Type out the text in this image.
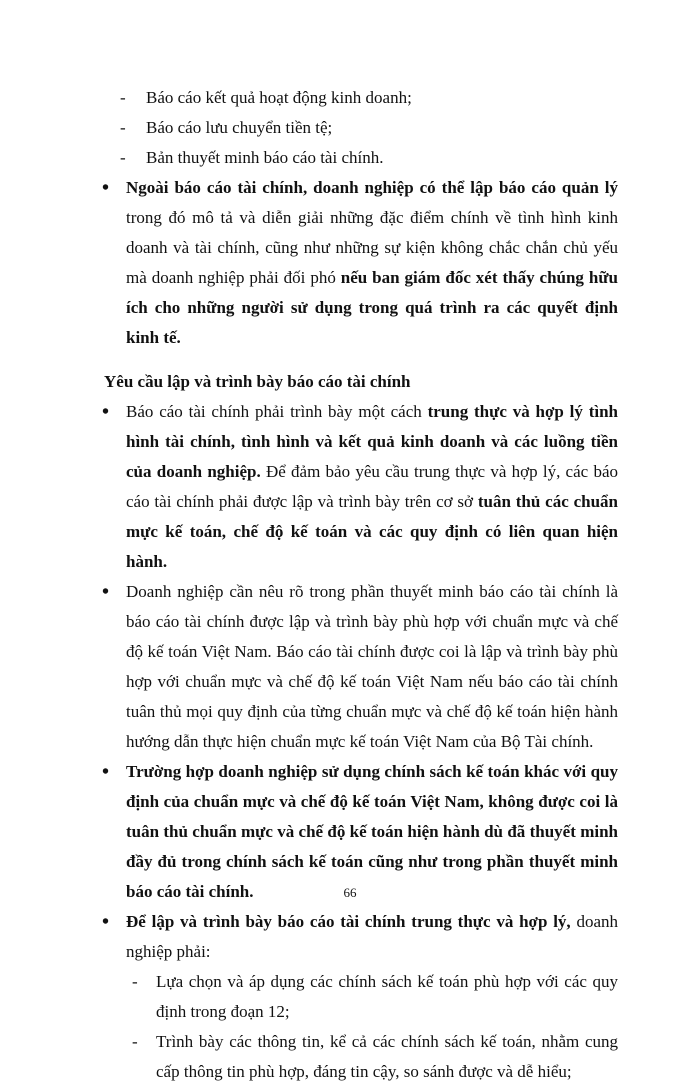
- Báo cáo kết quả hoạt động kinh doanh;
- Báo cáo lưu chuyển tiền tệ;
- Bản thuyết minh báo cáo tài chính.
• Ngoài báo cáo tài chính, doanh nghiệp có thể lập báo cáo quản lý trong đó mô tả và diễn giải những đặc điểm chính về tình hình kinh doanh và tài chính, cũng như những sự kiện không chắc chắn chủ yếu mà doanh nghiệp phải đối phó nếu ban giám đốc xét thấy chúng hữu ích cho những người sử dụng trong quá trình ra các quyết định kinh tế.
Yêu cầu lập và trình bày báo cáo tài chính
• Báo cáo tài chính phải trình bày một cách trung thực và hợp lý tình hình tài chính, tình hình và kết quả kinh doanh và các luồng tiền của doanh nghiệp. Để đảm bảo yêu cầu trung thực và hợp lý, các báo cáo tài chính phải được lập và trình bày trên cơ sở tuân thủ các chuẩn mực kế toán, chế độ kế toán và các quy định có liên quan hiện hành.
• Doanh nghiệp cần nêu rõ trong phần thuyết minh báo cáo tài chính là báo cáo tài chính được lập và trình bày phù hợp với chuẩn mực và chế độ kế toán Việt Nam. Báo cáo tài chính được coi là lập và trình bày phù hợp với chuẩn mực và chế độ kế toán Việt Nam nếu báo cáo tài chính tuân thủ mọi quy định của từng chuẩn mực và chế độ kế toán hiện hành hướng dẫn thực hiện chuẩn mực kế toán Việt Nam của Bộ Tài chính.
• Trường hợp doanh nghiệp sử dụng chính sách kế toán khác với quy định của chuẩn mực và chế độ kế toán Việt Nam, không được coi là tuân thủ chuẩn mực và chế độ kế toán hiện hành dù đã thuyết minh đầy đủ trong chính sách kế toán cũng như trong phần thuyết minh báo cáo tài chính.
• Để lập và trình bày báo cáo tài chính trung thực và hợp lý, doanh nghiệp phải:
- Lựa chọn và áp dụng các chính sách kế toán phù hợp với các quy định trong đoạn 12;
- Trình bày các thông tin, kể cả các chính sách kế toán, nhằm cung cấp thông tin phù hợp, đáng tin cậy, so sánh được và dễ hiểu;
66
